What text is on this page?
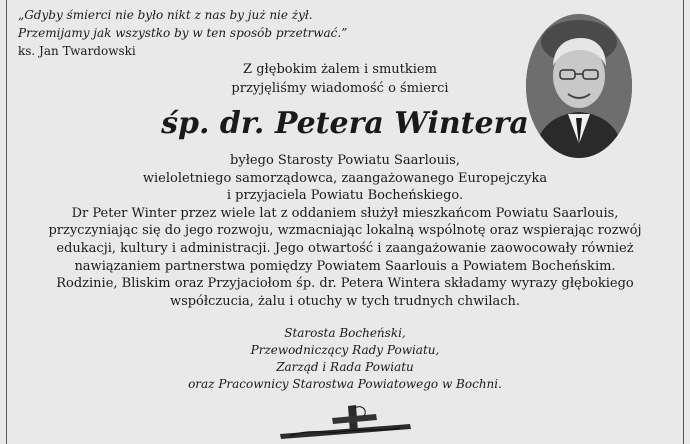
„Gdyby śmierci nie było nikt z nas by już nie żył.
Przemijamy jak wszystko by w ten sposób przetrwać.”
ks. Jan Twardowski
Z głębokim żalem i smutkiem
przyjęliśmy wiadomość o śmierci
śp. dr. Petera Wintera
byłego Starosty Powiatu Saarlouis,
wieloletniego samorządowca, zaangażowanego Europejczyka
i przyjaciela Powiatu Bocheńskiego.
Dr Peter Winter przez wiele lat z oddaniem służył mieszkańcom Powiatu Saarlouis,
przyczyniając się do jego rozwoju, wzmacniając lokalną wspólnotę oraz wspierając rozwój
edukacji, kultury i administracji. Jego otwartość i zaangażowanie zaowocowały również
nawiązaniem partnerstwa pomiędzy Powiatem Saarlouis a Powiatem Bocheńskim.
Rodzinie, Bliskim oraz Przyjaciołom śp. dr. Petera Wintera składamy wyrazy głębokiego
współczucia, żalu i otuchy w tych trudnych chwilach.
Starosta Bocheński,
Przewodniczący Rady Powiatu,
Zarząd i Rada Powiatu
oraz Pracownicy Starostwa Powiatowego w Bochni.
